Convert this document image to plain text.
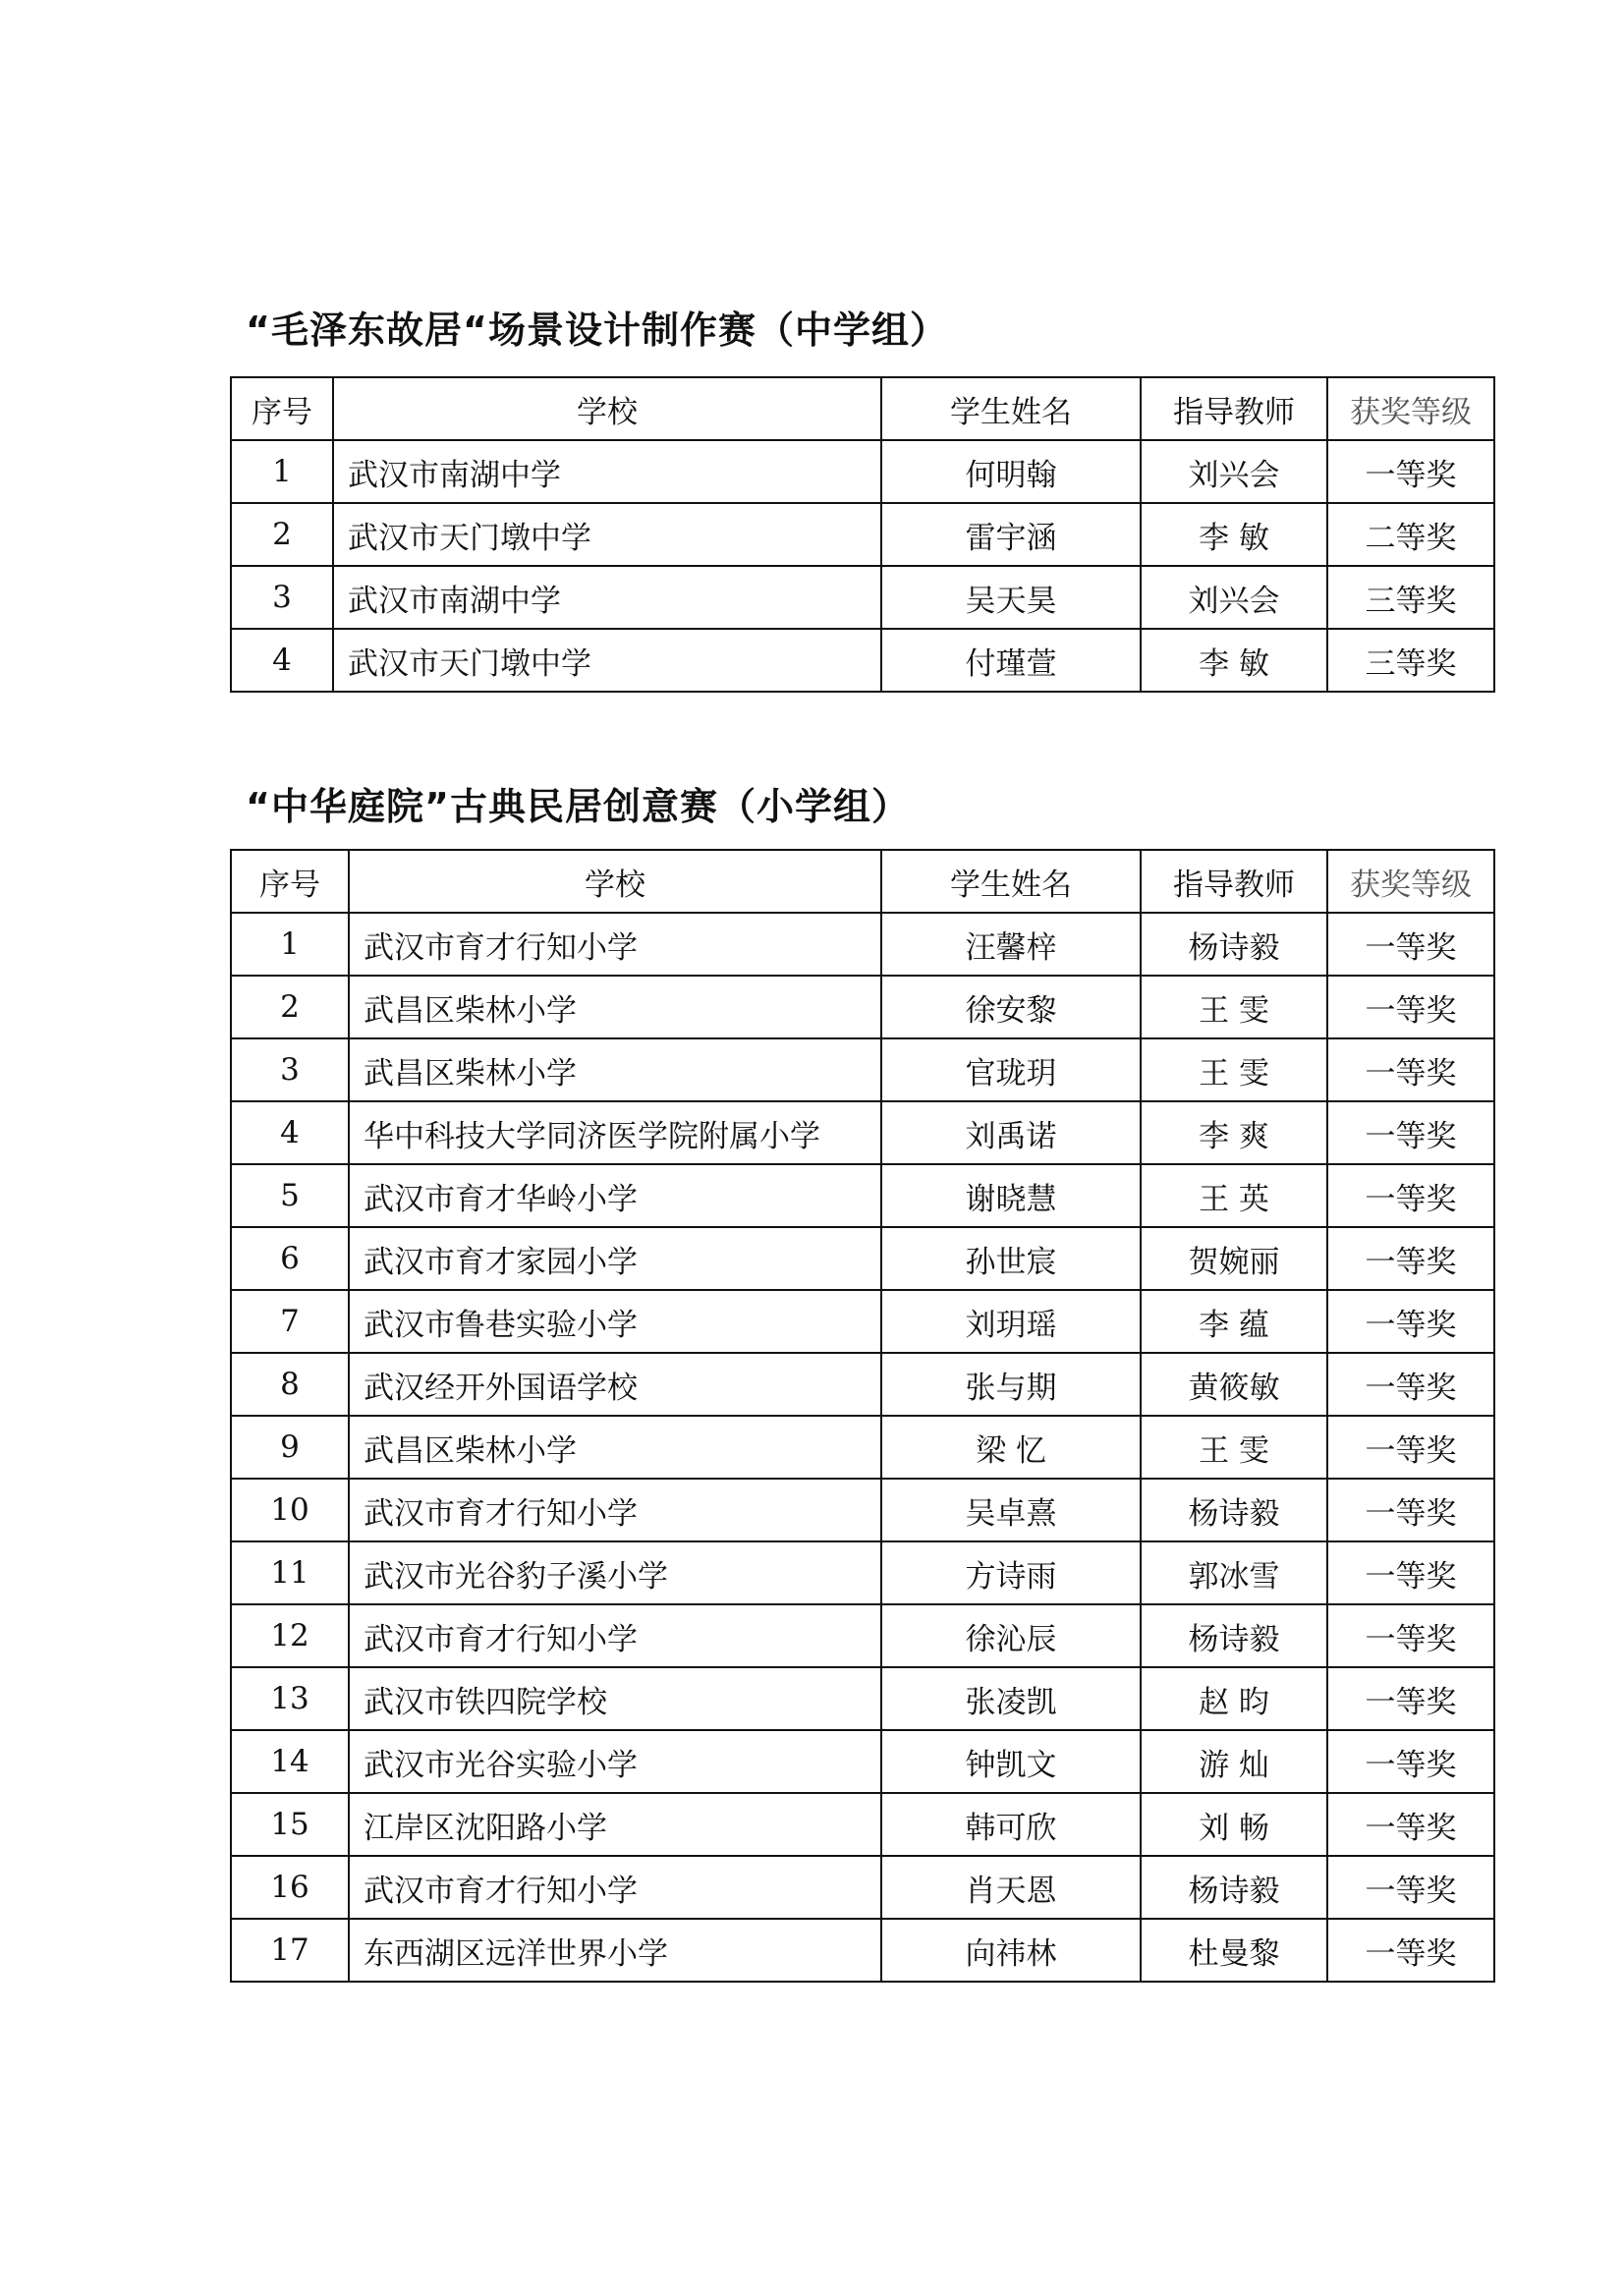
“毛泽东故居“场景设计制作赛（中学组）
序号	学校	学生姓名	指导教师	获奖等级
1	武汉市南湖中学	何明翰	刘兴会	一等奖
2	武汉市天门墩中学	雷宇涵	李 敏	二等奖
3	武汉市南湖中学	吴天昊	刘兴会	三等奖
4	武汉市天门墩中学	付瑾萱	李 敏	三等奖
“中华庭院”古典民居创意赛（小学组）
序号	学校	学生姓名	指导教师	获奖等级
1	武汉市育才行知小学	汪馨梓	杨诗毅	一等奖
2	武昌区柴林小学	徐安黎	王 雯	一等奖
3	武昌区柴林小学	官珑玥	王 雯	一等奖
4	华中科技大学同济医学院附属小学	刘禹诺	李 爽	一等奖
5	武汉市育才华岭小学	谢晓慧	王 英	一等奖
6	武汉市育才家园小学	孙世宸	贺婉丽	一等奖
7	武汉市鲁巷实验小学	刘玥瑶	李 蕴	一等奖
8	武汉经开外国语学校	张与期	黄筱敏	一等奖
9	武昌区柴林小学	梁 忆	王 雯	一等奖
10	武汉市育才行知小学	吴卓熹	杨诗毅	一等奖
11	武汉市光谷豹子溪小学	方诗雨	郭冰雪	一等奖
12	武汉市育才行知小学	徐沁辰	杨诗毅	一等奖
13	武汉市铁四院学校	张凌凯	赵 昀	一等奖
14	武汉市光谷实验小学	钟凯文	游 灿	一等奖
15	江岸区沈阳路小学	韩可欣	刘 畅	一等奖
16	武汉市育才行知小学	肖天恩	杨诗毅	一等奖
17	东西湖区远洋世界小学	向祎林	杜曼黎	一等奖
